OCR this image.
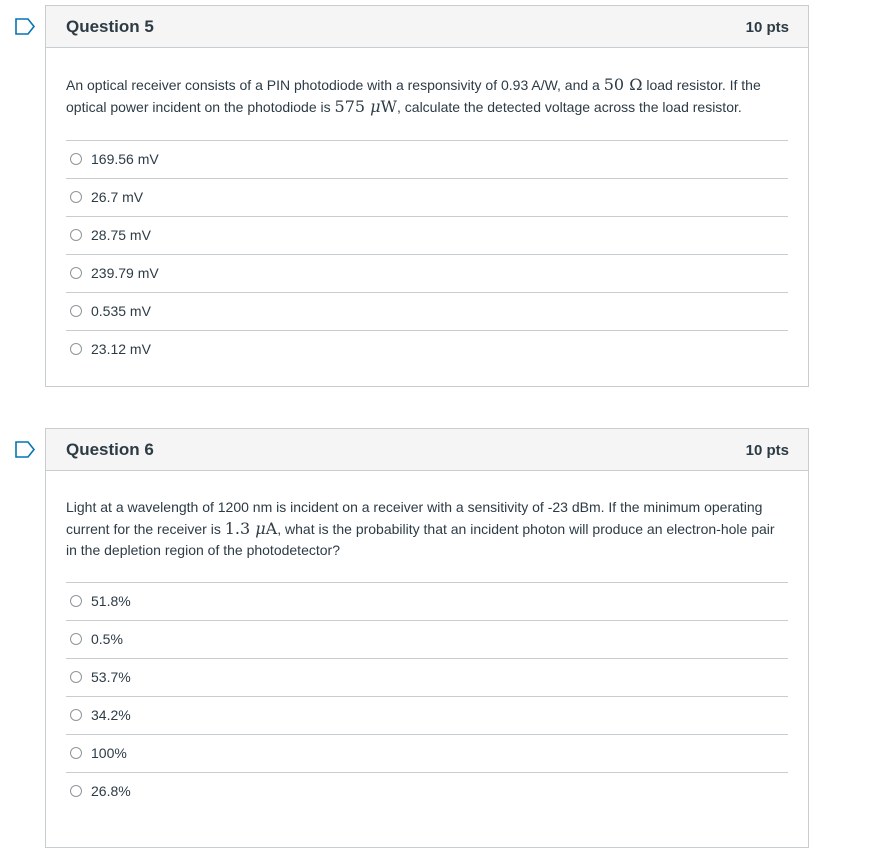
Question 5	10 pts
An optical receiver consists of a PIN photodiode with a responsivity of 0.93 A/W, and a 50 Ω load resistor. If the optical power incident on the photodiode is 575 μW, calculate the detected voltage across the load resistor.
169.56 mV
26.7 mV
28.75 mV
239.79 mV
0.535 mV
23.12 mV
Question 6	10 pts
Light at a wavelength of 1200 nm is incident on a receiver with a sensitivity of -23 dBm. If the minimum operating current for the receiver is 1.3 μA, what is the probability that an incident photon will produce an electron-hole pair in the depletion region of the photodetector?
51.8%
0.5%
53.7%
34.2%
100%
26.8%
